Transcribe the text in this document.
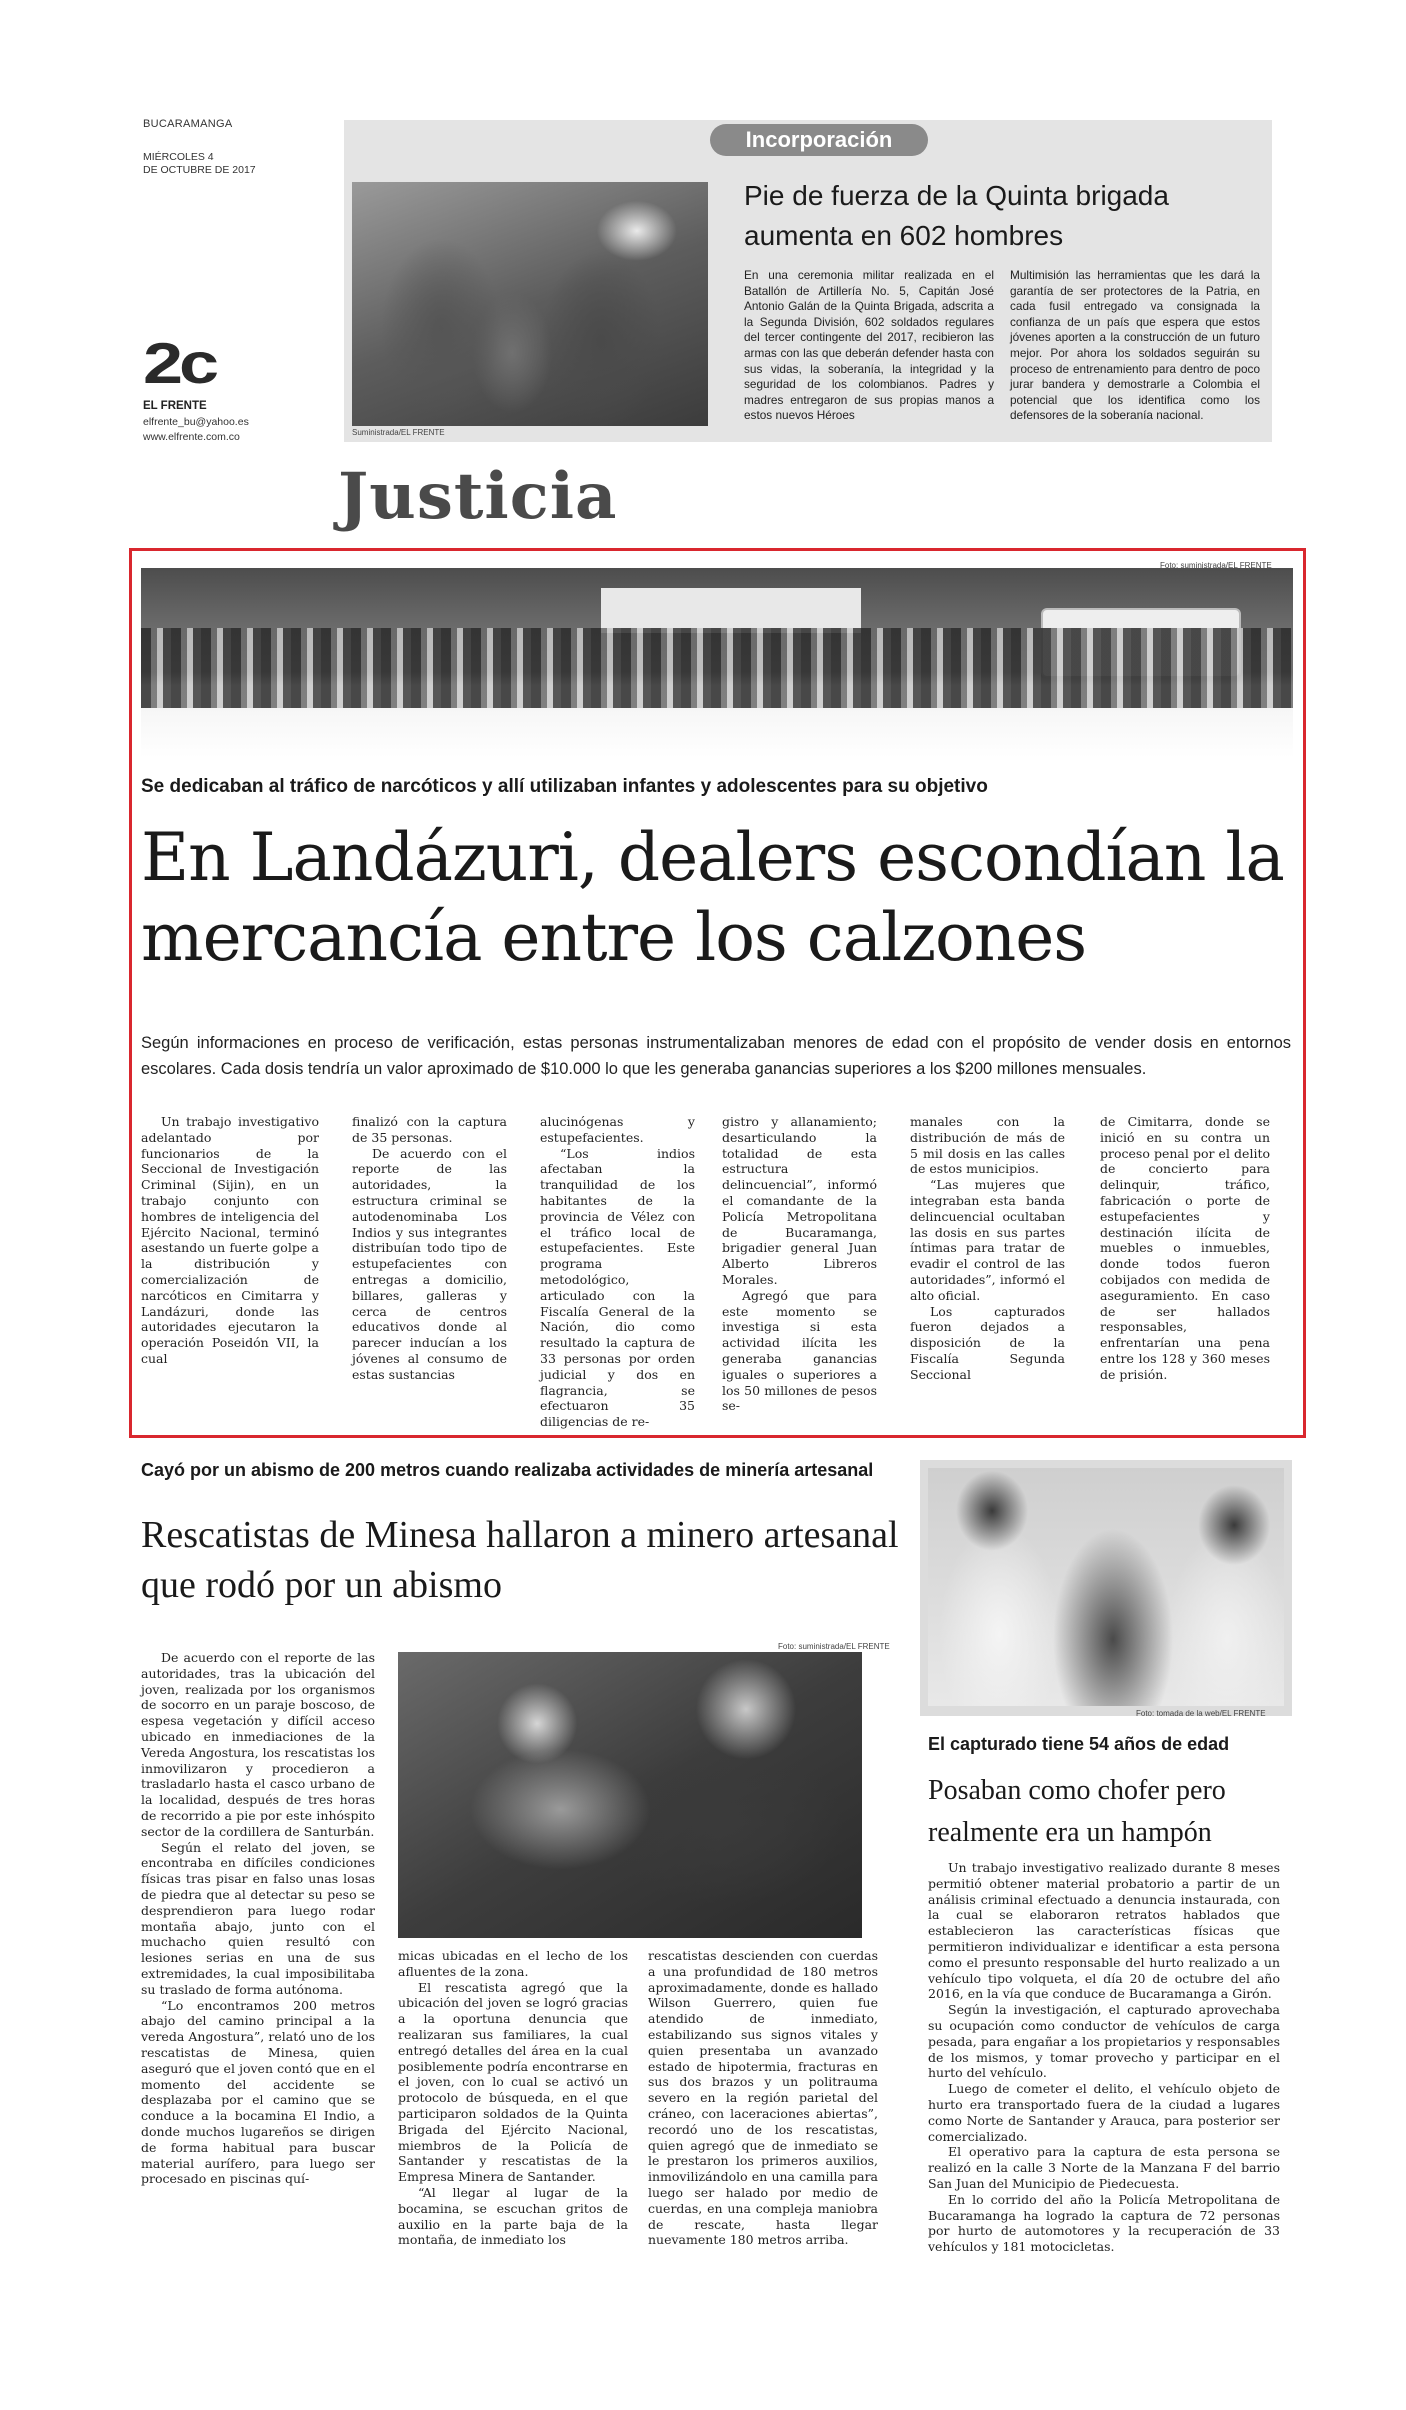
BUCARAMANGA
MIÉRCOLES 4
DE OCTUBRE DE 2017
2c
EL FRENTE
elfrente_bu@yahoo.es
www.elfrente.com.co
Incorporación
Suministrada/EL FRENTE
Pie de fuerza de la Quinta brigada aumenta en 602 hombres
En una ceremonia militar realizada en el Batallón de Artillería No. 5, Capitán José Antonio Galán de la Quinta Brigada, adscrita a la Segunda División, 602 soldados regulares del tercer contingente del 2017, recibieron las armas con las que deberán defender hasta con sus vidas, la soberanía, la integridad y la seguridad de los colombianos. Padres y madres entregaron de sus propias manos a estos nuevos Héroes
Multimisión las herramientas que les dará la garantía de ser protectores de la Patria, en cada fusil entregado va consignada la confianza de un país que espera que estos jóvenes aporten a la construcción de un futuro mejor. Por ahora los soldados seguirán su proceso de entrenamiento para dentro de poco jurar bandera y demostrarle a Colombia el potencial que los identifica como los defensores de la soberanía nacional.
Justicia
Foto: suministrada/EL FRENTE
Se dedicaban al tráfico de narcóticos y allí utilizaban infantes y adolescentes para su objetivo
En Landázuri, dealers escondían la mercancía entre los calzones
Según informaciones en proceso de verificación, estas personas instrumentalizaban menores de edad con el propósito de vender dosis en entornos escolares. Cada dosis tendría un valor aproximado de $10.000 lo que les generaba ganancias superiores a los $200 millones mensuales.

Un trabajo investigativo adelantado por funcionarios de la Seccional de Investigación Criminal (Sijin), en un trabajo conjunto con hombres de inteligencia del Ejército Nacional, terminó asestando un fuerte golpe a la distribución y comercialización de narcóticos en Cimitarra y Landázuri, donde las autoridades ejecutaron la operación Poseidón VII, la cual

finalizó con la captura de 35 personas.

De acuerdo con el reporte de las autoridades, la estructura criminal se autodenominaba Los Indios y sus integrantes distribuían todo tipo de estupefacientes con entregas a domicilio, billares, galleras y cerca de centros educativos donde al parecer inducían a los jóvenes al consumo de estas sustancias

alucinógenas y estupefacientes.

“Los indios afectaban la tranquilidad de los habitantes de la provincia de Vélez con el tráfico local de estupefacientes. Este programa metodológico, articulado con la Fiscalía General de la Nación, dio como resultado la captura de 33 personas por orden judicial y dos en flagrancia, se efectuaron 35 diligencias de re-

gistro y allanamiento; desarticulando la totalidad de esta estructura delincuencial”, informó el comandante de la Policía Metropolitana de Bucaramanga, brigadier general Juan Alberto Libreros Morales.

Agregó que para este momento se investiga si esta actividad ilícita les generaba ganancias iguales o superiores a los 50 millones de pesos se-

manales con la distribución de más de 5 mil dosis en las calles de estos municipios.

“Las mujeres que integraban esta banda delincuencial ocultaban las dosis en sus partes íntimas para tratar de evadir el control de las autoridades”, informó el alto oficial.

Los capturados fueron dejados a disposición de la Fiscalía Segunda Seccional

de Cimitarra, donde se inició en su contra un proceso penal por el delito de concierto para delinquir, tráfico, fabricación o porte de estupefacientes y destinación ilícita de muebles o inmuebles, donde todos fueron cobijados con medida de aseguramiento. En caso de ser hallados responsables, enfrentarían una pena entre los 128 y 360 meses de prisión.
Cayó por un abismo de 200 metros cuando realizaba actividades de minería artesanal
Rescatistas de Minesa hallaron a minero artesanal que rodó por un abismo
Foto: suministrada/EL FRENTE

De acuerdo con el reporte de las autoridades, tras la ubicación del joven, realizada por los organismos de socorro en un paraje boscoso, de espesa vegetación y difícil acceso ubicado en inmediaciones de la Vereda Angostura, los rescatistas los inmovilizaron y procedieron a trasladarlo hasta el casco urbano de la localidad, después de tres horas de recorrido a pie por este inhóspito sector de la cordillera de Santurbán.

Según el relato del joven, se encontraba en difíciles condiciones físicas tras pisar en falso unas losas de piedra que al detectar su peso se desprendieron para luego rodar montaña abajo, junto con el muchacho quien resultó con lesiones serias en una de sus extremidades, la cual imposibilitaba su traslado de forma autónoma.

“Lo encontramos 200 metros abajo del camino principal a la vereda Angostura”, relató uno de los rescatistas de Minesa, quien aseguró que el joven contó que en el momento del accidente se desplazaba por el camino que se conduce a la bocamina El Indio, a donde muchos lugareños se dirigen de forma habitual para buscar material aurífero, para luego ser procesado en piscinas quí-

micas ubicadas en el lecho de los afluentes de la zona.

El rescatista agregó que la ubicación del joven se logró gracias a la oportuna denuncia que realizaran sus familiares, la cual entregó detalles del área en la cual posiblemente podría encontrarse en el joven, con lo cual se activó un protocolo de búsqueda, en el que participaron soldados de la Quinta Brigada del Ejército Nacional, miembros de la Policía de Santander y rescatistas de la Empresa Minera de Santander.

“Al llegar al lugar de la bocamina, se escuchan gritos de auxilio en la parte baja de la montaña, de inmediato los

rescatistas descienden con cuerdas a una profundidad de 180 metros aproximadamente, donde es hallado Wilson Guerrero, quien fue atendido de inmediato, estabilizando sus signos vitales y quien presentaba un avanzado estado de hipotermia, fracturas en sus dos brazos y un politrauma severo en la región parietal del cráneo, con laceraciones abiertas”, recordó uno de los rescatistas, quien agregó que de inmediato se le prestaron los primeros auxilios, inmovilizándolo en una camilla para luego ser halado por medio de cuerdas, en una compleja maniobra de rescate, hasta llegar nuevamente 180 metros arriba.
Foto: tomada de la web/EL FRENTE
El capturado tiene 54 años de edad
Posaban como chofer pero realmente era un hampón

Un trabajo investigativo realizado durante 8 meses permitió obtener material probatorio a partir de un análisis criminal efectuado a denuncia instaurada, con la cual se elaboraron retratos hablados que establecieron las características físicas que permitieron individualizar e identificar a esta persona como el presunto responsable del hurto realizado a un vehículo tipo volqueta, el día 20 de octubre del año 2016, en la vía que conduce de Bucaramanga a Girón.

Según la investigación, el capturado aprovechaba su ocupación como conductor de vehículos de carga pesada, para engañar a los propietarios y responsables de los mismos, y tomar provecho y participar en el hurto del vehículo.

Luego de cometer el delito, el vehículo objeto de hurto era transportado fuera de la ciudad a lugares como Norte de Santander y Arauca, para posterior ser comercializado.

El operativo para la captura de esta persona se realizó en la calle 3 Norte de la Manzana F del barrio San Juan del Municipio de Piedecuesta.

En lo corrido del año la Policía Metropolitana de Bucaramanga ha logrado la captura de 72 personas por hurto de automotores y la recuperación de 33 vehículos y 181 motocicletas.
